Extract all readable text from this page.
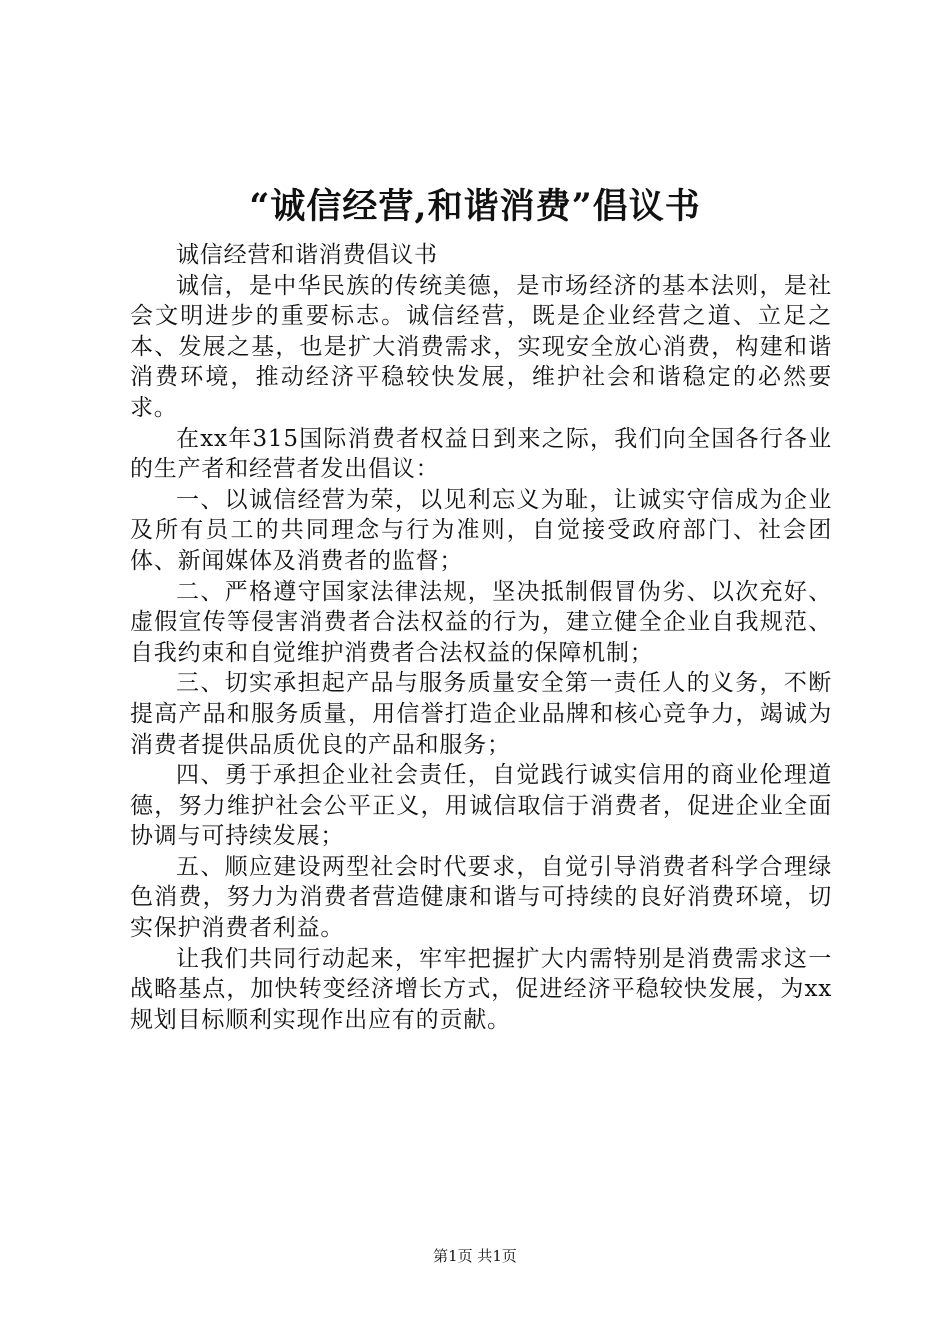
“诚信经营,和谐消费”倡议书

诚信经营和谐消费倡议书

诚信，是中华民族的传统美德，是市场经济的基本法则，是社会文明进步的重要标志。诚信经营，既是企业经营之道、立足之本、发展之基，也是扩大消费需求，实现安全放心消费，构建和谐消费环境，推动经济平稳较快发展，维护社会和谐稳定的必然要求。

在xx年315国际消费者权益日到来之际，我们向全国各行各业的生产者和经营者发出倡议：

一、以诚信经营为荣，以见利忘义为耻，让诚实守信成为企业及所有员工的共同理念与行为准则，自觉接受政府部门、社会团体、新闻媒体及消费者的监督；

二、严格遵守国家法律法规，坚决抵制假冒伪劣、以次充好、虚假宣传等侵害消费者合法权益的行为，建立健全企业自我规范、自我约束和自觉维护消费者合法权益的保障机制；

三、切实承担起产品与服务质量安全第一责任人的义务，不断提高产品和服务质量，用信誉打造企业品牌和核心竞争力，竭诚为消费者提供品质优良的产品和服务；

四、勇于承担企业社会责任，自觉践行诚实信用的商业伦理道德，努力维护社会公平正义，用诚信取信于消费者，促进企业全面协调与可持续发展；

五、顺应建设两型社会时代要求，自觉引导消费者科学合理绿色消费，努力为消费者营造健康和谐与可持续的良好消费环境，切实保护消费者利益。

让我们共同行动起来，牢牢把握扩大内需特别是消费需求这一战略基点，加快转变经济增长方式，促进经济平稳较快发展，为xx规划目标顺利实现作出应有的贡献。

第1页 共1页
